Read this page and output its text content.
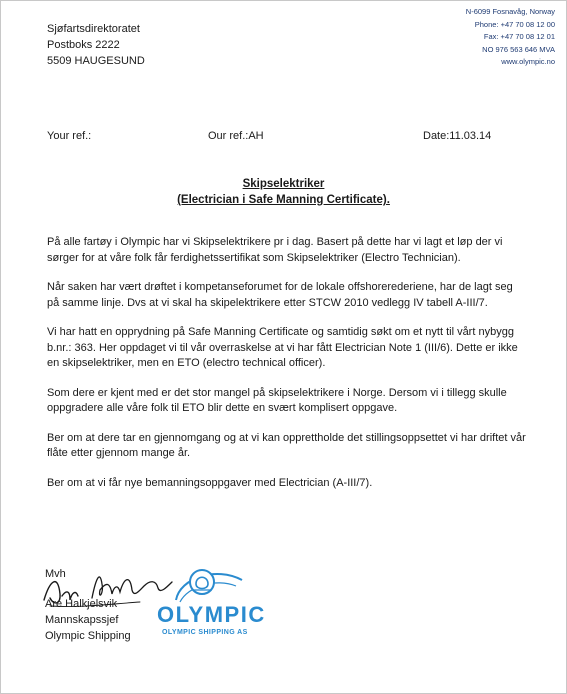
Sjøfartsdirektoratet
Postboks 2222
5509 HAUGESUND
N-6099 Fosnavåg, Norway
Phone: +47 70 08 12 00
Fax: +47 70 08 12 01
NO 976 563 646 MVA
www.olympic.no
Your ref.:	Our ref.:AH	Date:11.03.14
Skipselektriker
(Electrician i Safe Manning Certificate).

På alle fartøy i Olympic har vi Skipselektrikere pr i dag. Basert på dette har vi lagt et løp der vi sørger for at våre folk får ferdighetssertifikat som Skipselektriker (Electro Technician).

Når saken har vært drøftet i kompetanseforumet for de lokale offshorerederiene, har de lagt seg på samme linje. Dvs at vi skal ha skipelektrikere etter STCW 2010 vedlegg IV tabell A-III/7.

Vi har hatt en opprydning på Safe Manning Certificate og samtidig søkt om et nytt til vårt nybygg b.nr.: 363. Her oppdaget vi til vår overraskelse at vi har fått Electrician Note 1 (III/6). Dette er ikke en skipselektriker, men en ETO (electro technical officer).

Som dere er kjent med er det stor mangel på skipselektrikere i Norge. Dersom vi i tillegg skulle oppgradere alle våre folk til ETO blir dette en svært komplisert oppgave.

Ber om at dere tar en gjennomgang og at vi kan opprettholde det stillingsoppsettet vi har driftet vår flåte etter gjennom mange år.

Ber om at vi får nye bemanningsoppgaver med Electrician (A-III/7).

OLYMPIC
OLYMPIC SHIPPING AS
Mvh
Are Halkjelsvik
Mannskapssjef
Olympic Shipping
